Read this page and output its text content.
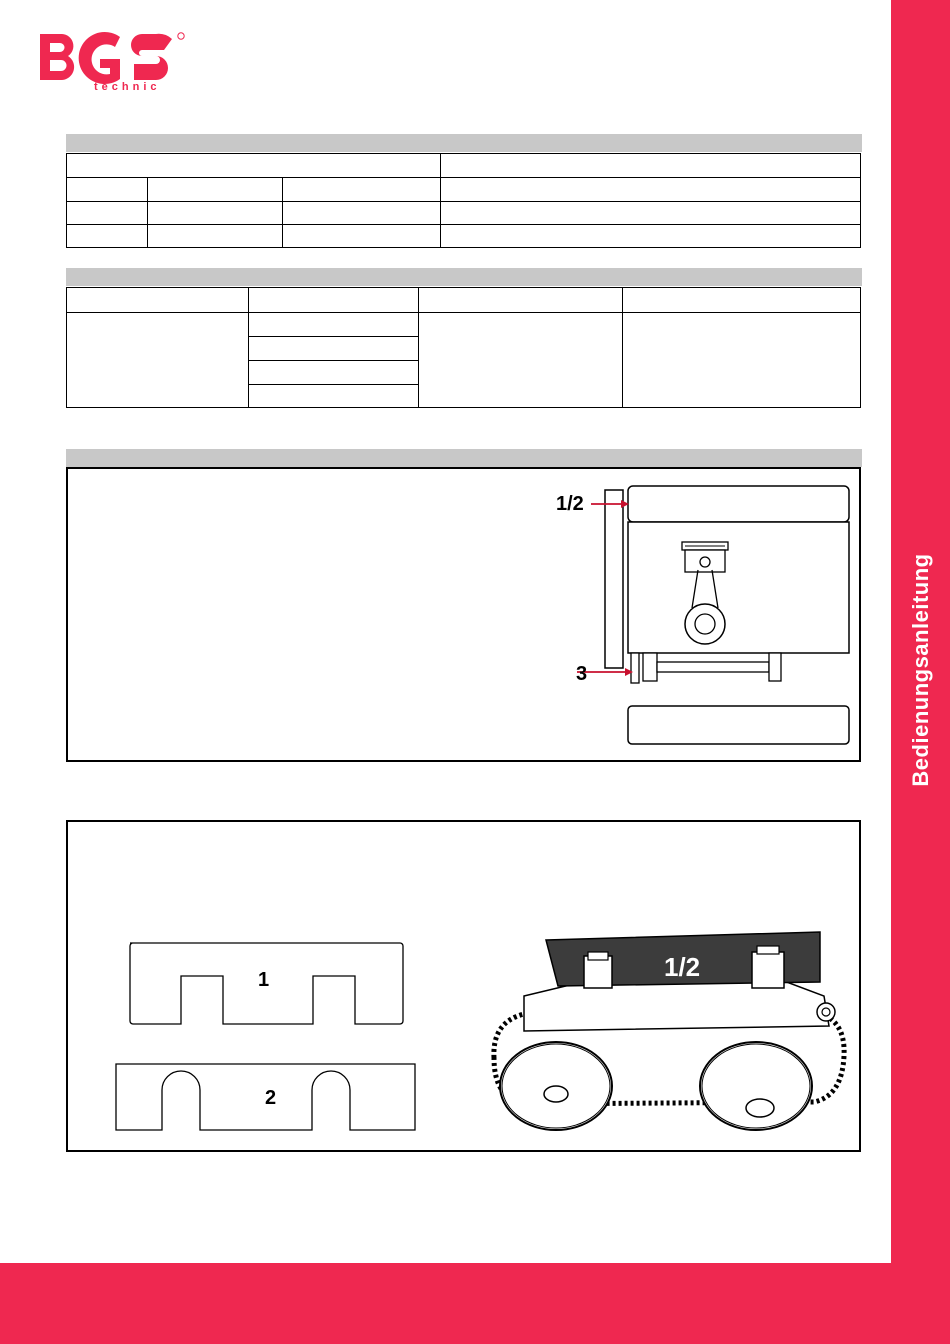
Bedienungsanleitung
technic

1/2
3
1
2
1/2
